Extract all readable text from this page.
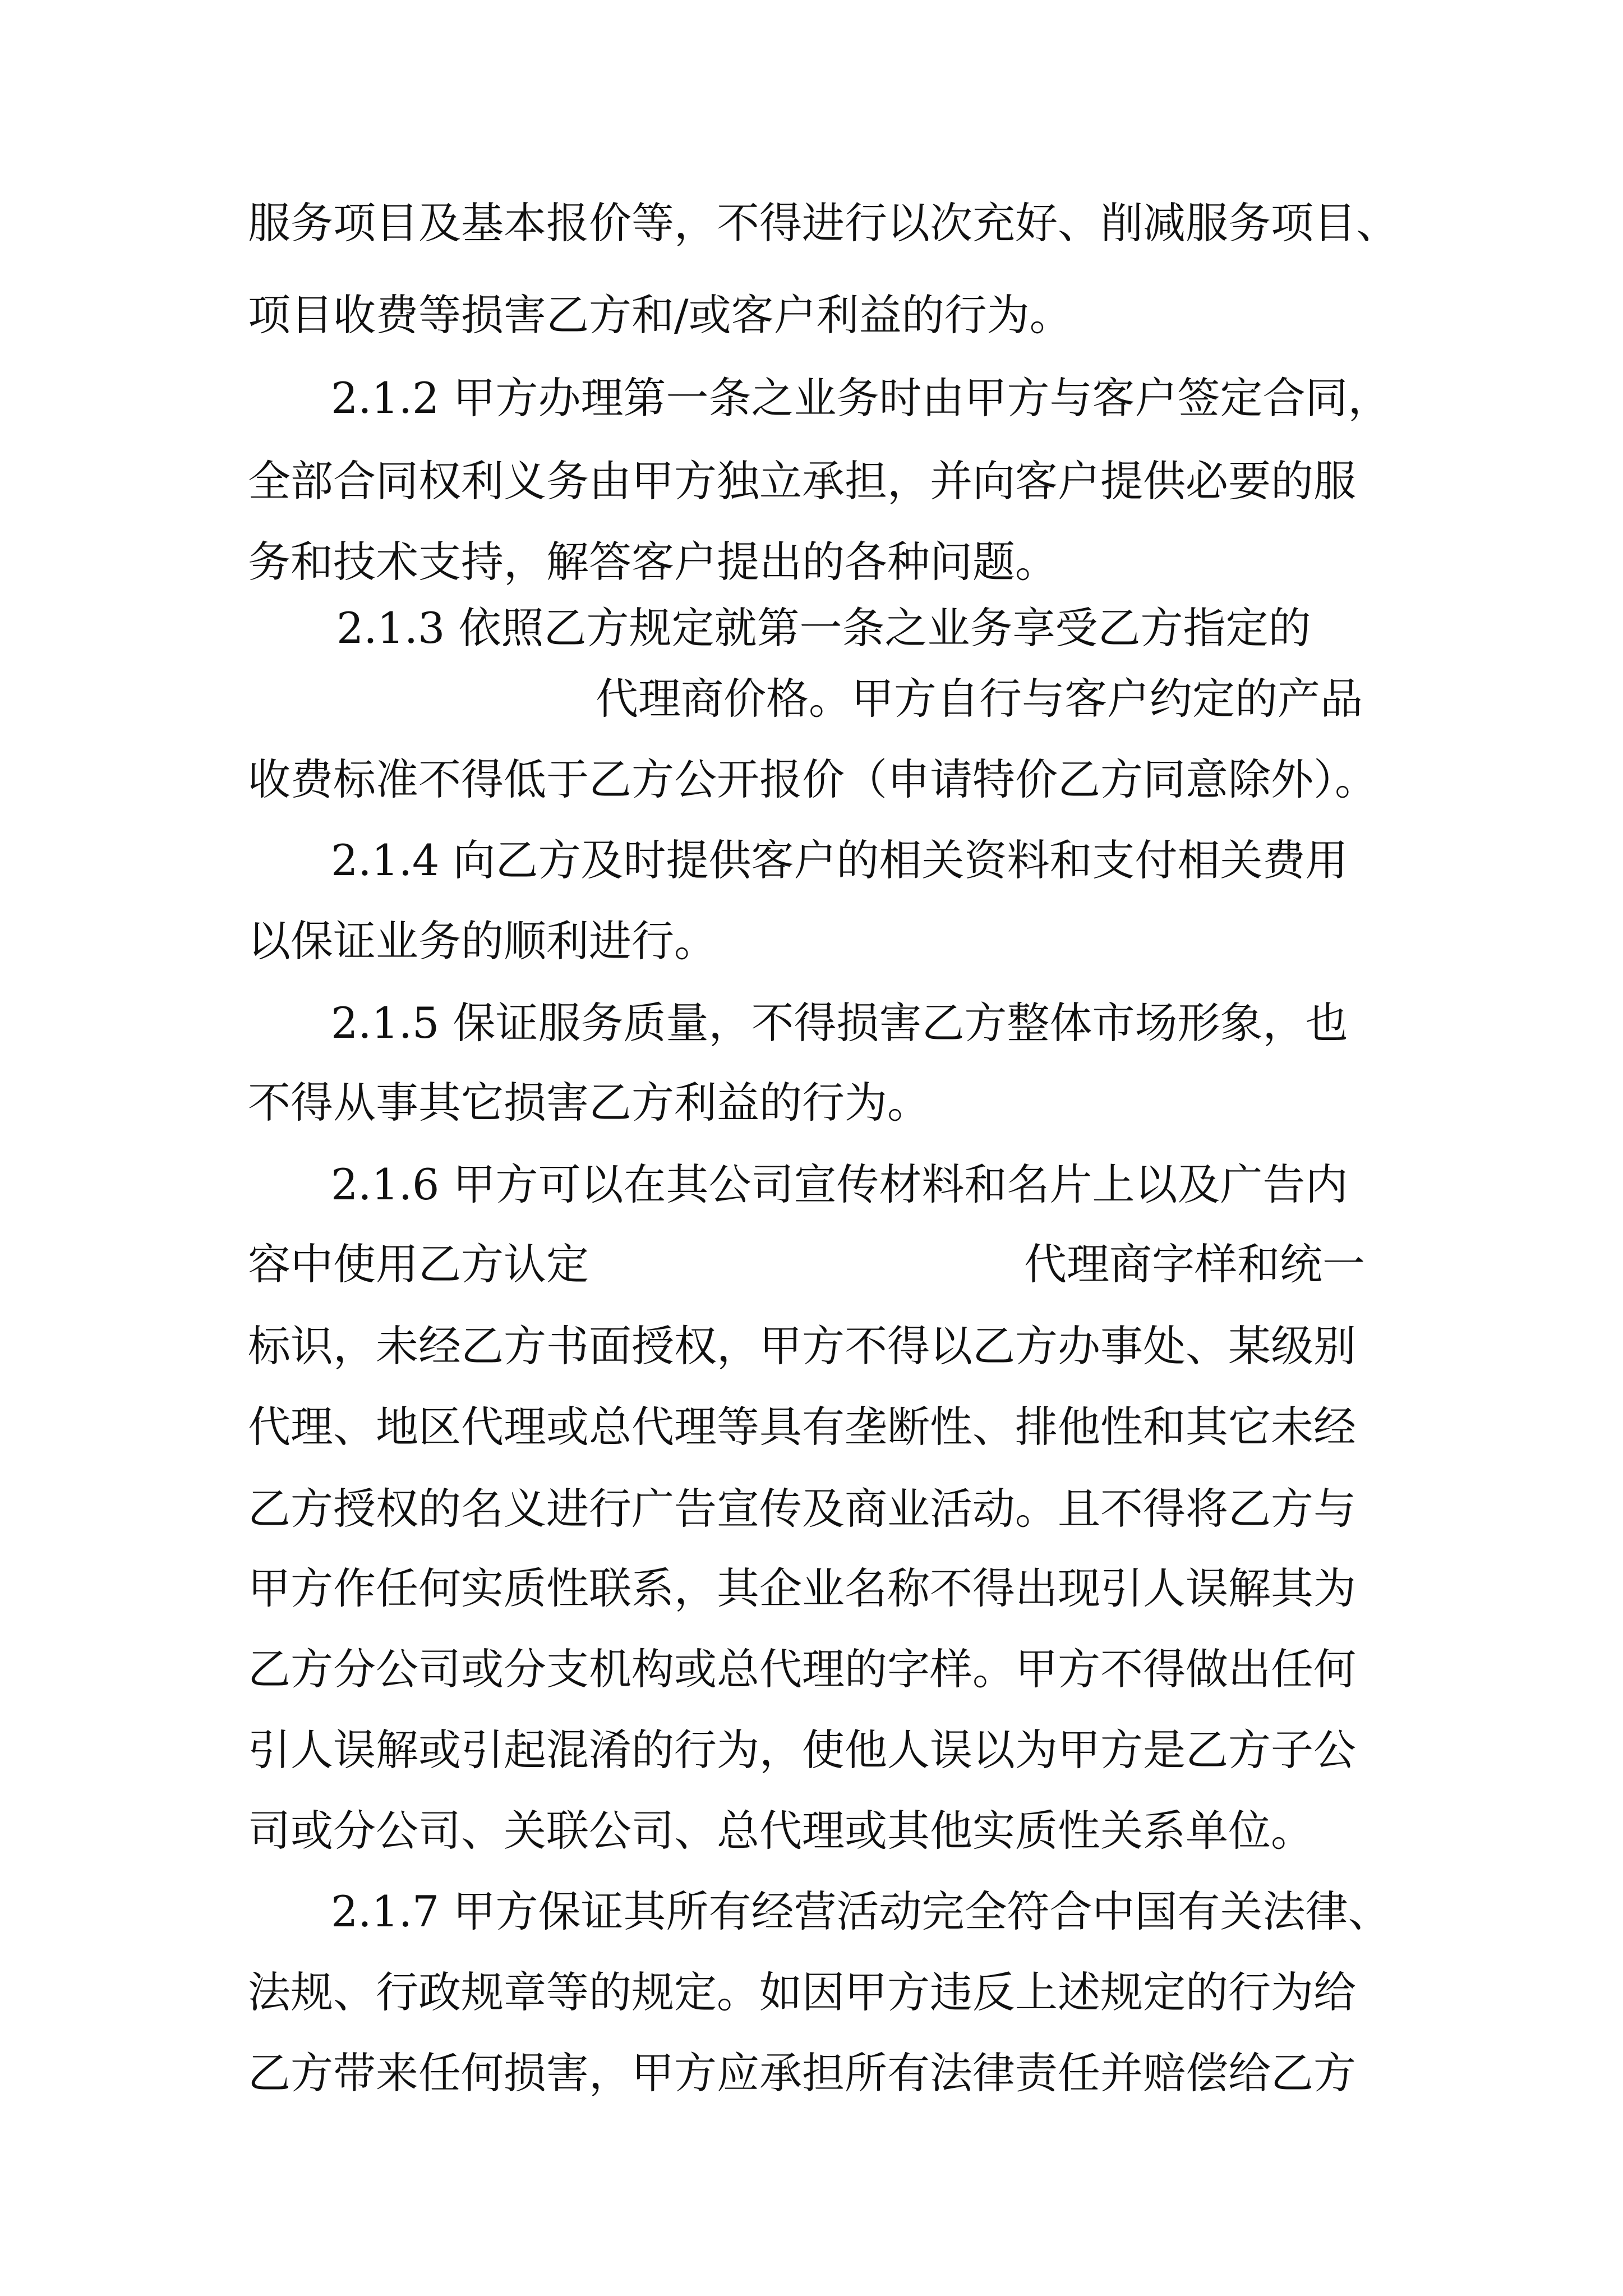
服务项目及基本报价等，不得进行以次充好、削减服务项目、
项目收费等损害乙方和/或客户利益的行为。
2.1.2 甲方办理第一条之业务时由甲方与客户签定合同，
全部合同权利义务由甲方独立承担，并向客户提供必要的服
务和技术支持，解答客户提出的各种问题。
2.1.3 依照乙方规定就第一条之业务享受乙方指定的
代理商价格。甲方自行与客户约定的产品
收费标准不得低于乙方公开报价（申请特价乙方同意除外）。
2.1.4 向乙方及时提供客户的相关资料和支付相关费用
以保证业务的顺利进行。
2.1.5 保证服务质量，不得损害乙方整体市场形象，也
不得从事其它损害乙方利益的行为。
2.1.6 甲方可以在其公司宣传材料和名片上以及广告内
容中使用乙方认定	代理商字样和统一
标识，未经乙方书面授权，甲方不得以乙方办事处、某级别
代理、地区代理或总代理等具有垄断性、排他性和其它未经
乙方授权的名义进行广告宣传及商业活动。且不得将乙方与
甲方作任何实质性联系，其企业名称不得出现引人误解其为
乙方分公司或分支机构或总代理的字样。甲方不得做出任何
引人误解或引起混淆的行为，使他人误以为甲方是乙方子公
司或分公司、关联公司、总代理或其他实质性关系单位。
2.1.7 甲方保证其所有经营活动完全符合中国有关法律、
法规、行政规章等的规定。如因甲方违反上述规定的行为给
乙方带来任何损害，甲方应承担所有法律责任并赔偿给乙方
